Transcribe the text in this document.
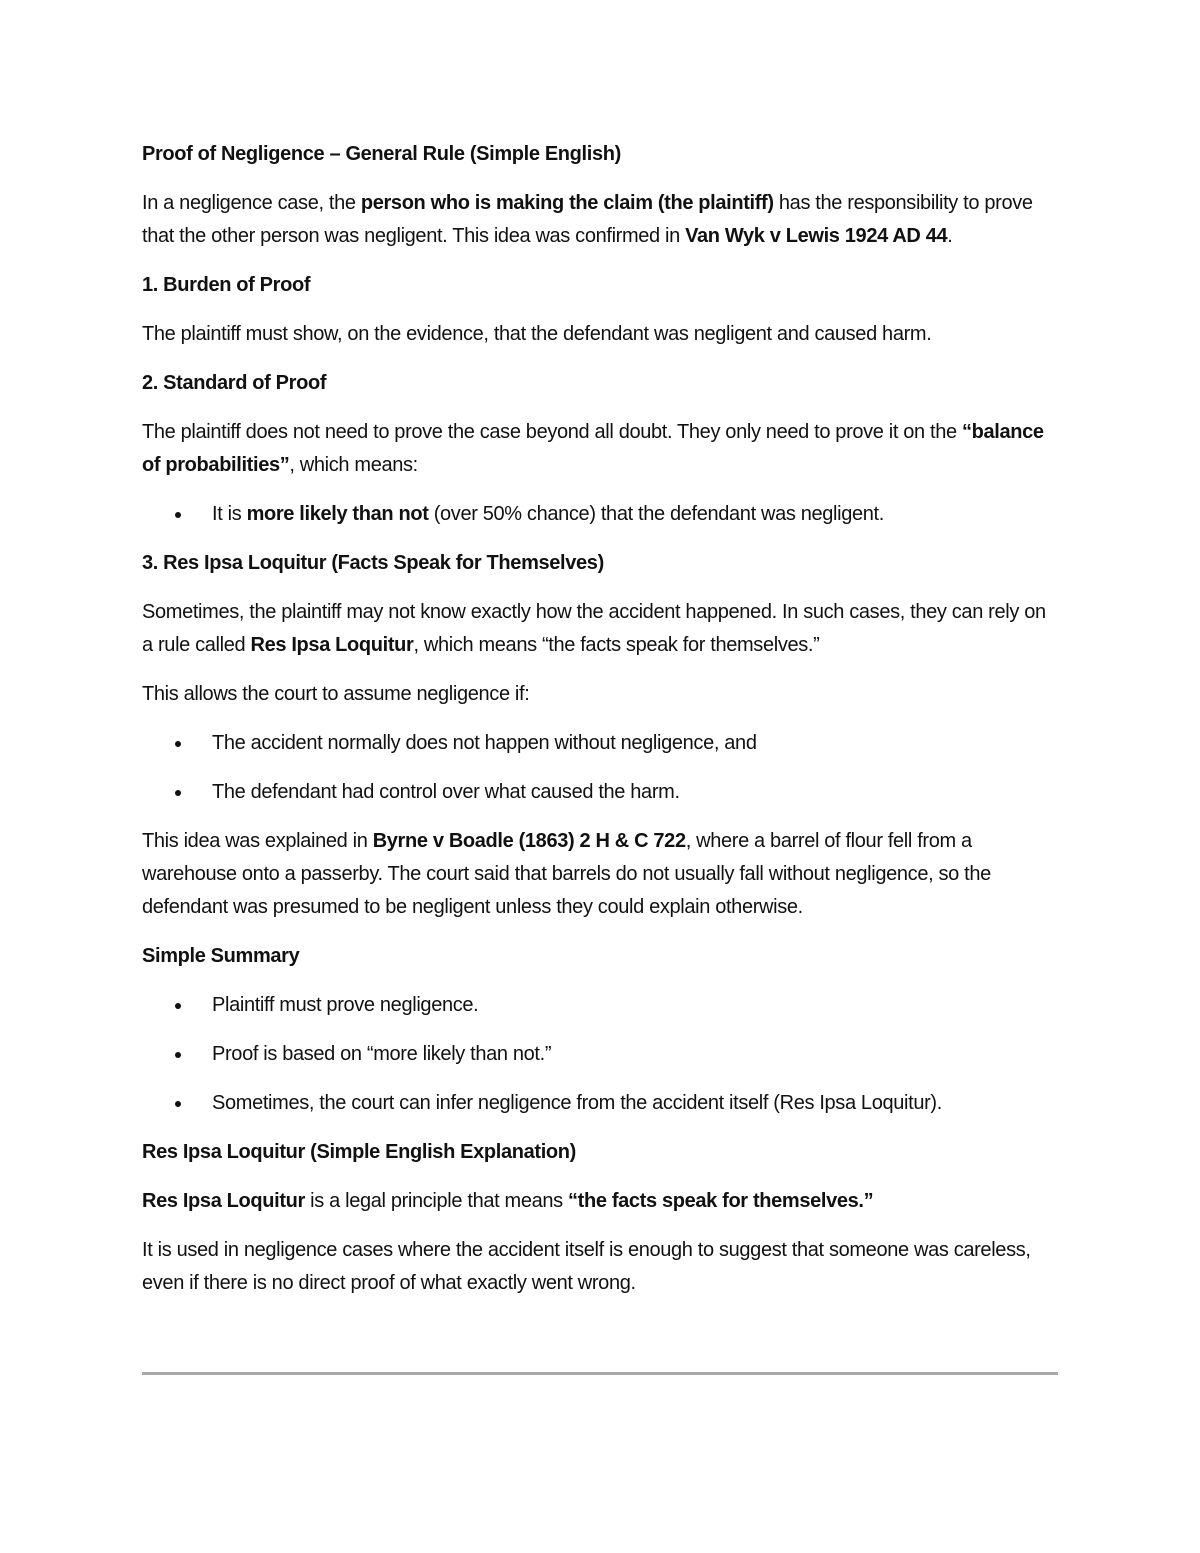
Proof of Negligence – General Rule (Simple English)

In a negligence case, the person who is making the claim (the plaintiff) has the responsibility to prove that the other person was negligent. This idea was confirmed in Van Wyk v Lewis 1924 AD 44.

1. Burden of Proof

The plaintiff must show, on the evidence, that the defendant was negligent and caused harm.

2. Standard of Proof

The plaintiff does not need to prove the case beyond all doubt. They only need to prove it on the “balance of probabilities”, which means:

It is more likely than not (over 50% chance) that the defendant was negligent.

3. Res Ipsa Loquitur (Facts Speak for Themselves)

Sometimes, the plaintiff may not know exactly how the accident happened. In such cases, they can rely on a rule called Res Ipsa Loquitur, which means “the facts speak for themselves.”

This allows the court to assume negligence if:

The accident normally does not happen without negligence, and
The defendant had control over what caused the harm.

This idea was explained in Byrne v Boadle (1863) 2 H & C 722, where a barrel of flour fell from a warehouse onto a passerby. The court said that barrels do not usually fall without negligence, so the defendant was presumed to be negligent unless they could explain otherwise.

Simple Summary

Plaintiff must prove negligence.
Proof is based on “more likely than not.”
Sometimes, the court can infer negligence from the accident itself (Res Ipsa Loquitur).

Res Ipsa Loquitur (Simple English Explanation)

Res Ipsa Loquitur is a legal principle that means “the facts speak for themselves.”

It is used in negligence cases where the accident itself is enough to suggest that someone was careless, even if there is no direct proof of what exactly went wrong.
